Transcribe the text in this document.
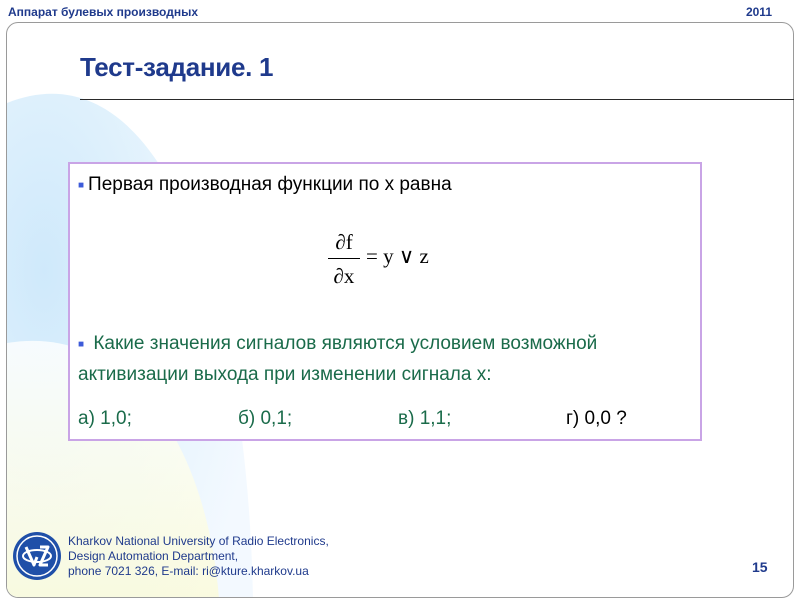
Аппарат булевых производных	2011
Тест-задание. 1
■ Первая производная функции по x равна
∂f
∂x
= y ∨ z
■ Какие значения сигналов являются условием возможной активизации выхода при изменении сигнала x:
а) 1,0;	б) 0,1;	в) 1,1;	г) 0,0 ?
Kharkov National University of Radio Electronics,
Design Automation Department,
phone 7021 326, E-mail: ri@kture.kharkov.ua	15
